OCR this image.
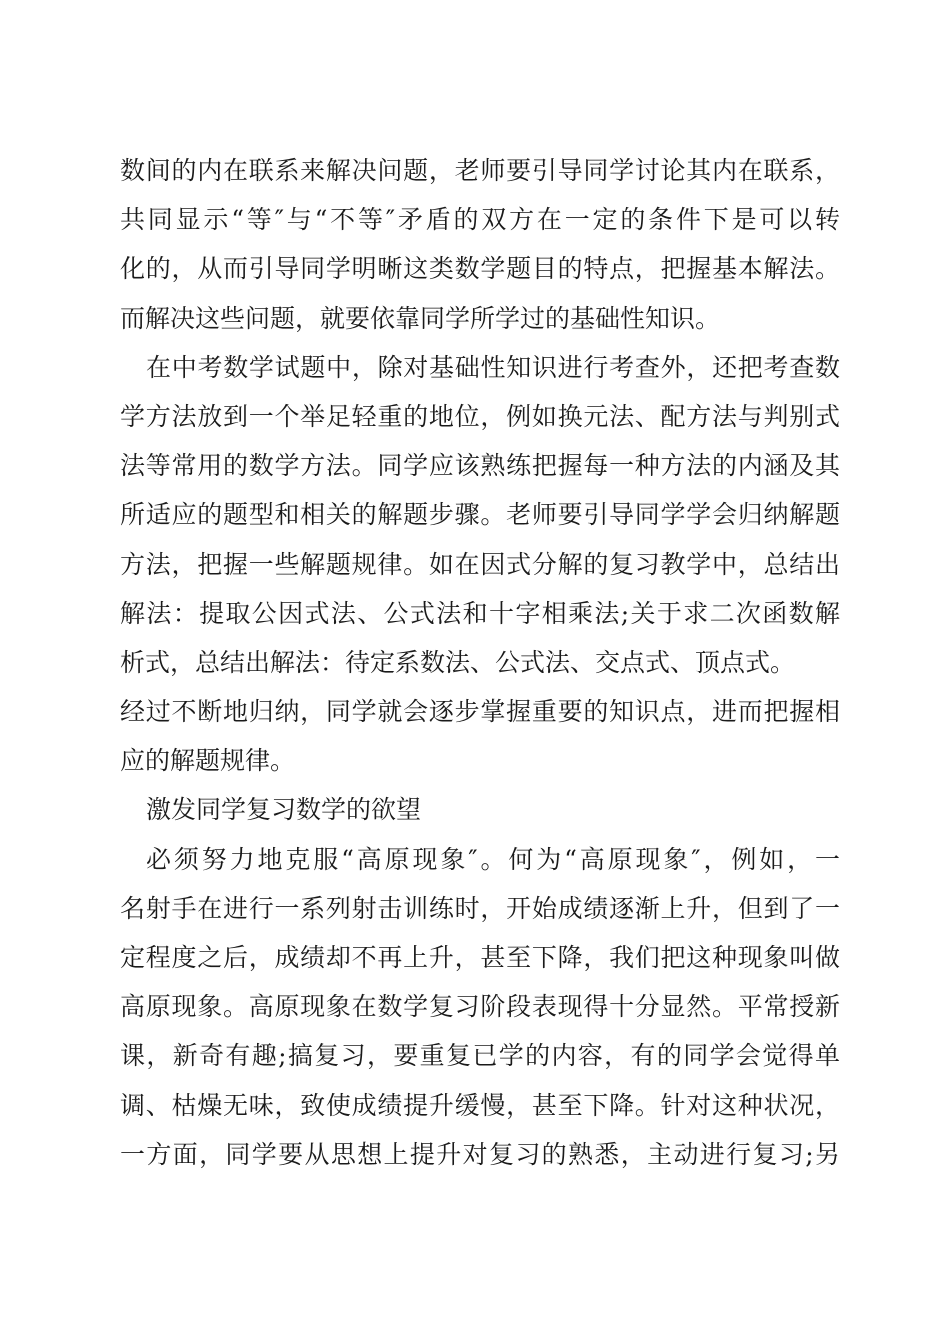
数间的内在联系来解决问题，老师要引导同学讨论其内在联系，
共同显示“等″与“不等″矛盾的双方在一定的条件下是可以转
化的，从而引导同学明晰这类数学题目的特点，把握基本解法。
而解决这些问题，就要依靠同学所学过的基础性知识。
在中考数学试题中，除对基础性知识进行考查外，还把考查数
学方法放到一个举足轻重的地位，例如换元法、配方法与判别式
法等常用的数学方法。同学应该熟练把握每一种方法的内涵及其
所适应的题型和相关的解题步骤。老师要引导同学学会归纳解题
方法，把握一些解题规律。如在因式分解的复习教学中，总结出
解法：提取公因式法、公式法和十字相乘法;关于求二次函数解
析式，总结出解法：待定系数法、公式法、交点式、顶点式。
经过不断地归纳，同学就会逐步掌握重要的知识点，进而把握相
应的解题规律。
激发同学复习数学的欲望
必须努力地克服“高原现象″。何为“高原现象″，例如，一
名射手在进行一系列射击训练时，开始成绩逐渐上升，但到了一
定程度之后，成绩却不再上升，甚至下降，我们把这种现象叫做
高原现象。高原现象在数学复习阶段表现得十分显然。平常授新
课，新奇有趣;搞复习，要重复已学的内容，有的同学会觉得单
调、枯燥无味，致使成绩提升缓慢，甚至下降。针对这种状况，
一方面，同学要从思想上提升对复习的熟悉，主动进行复习;另
